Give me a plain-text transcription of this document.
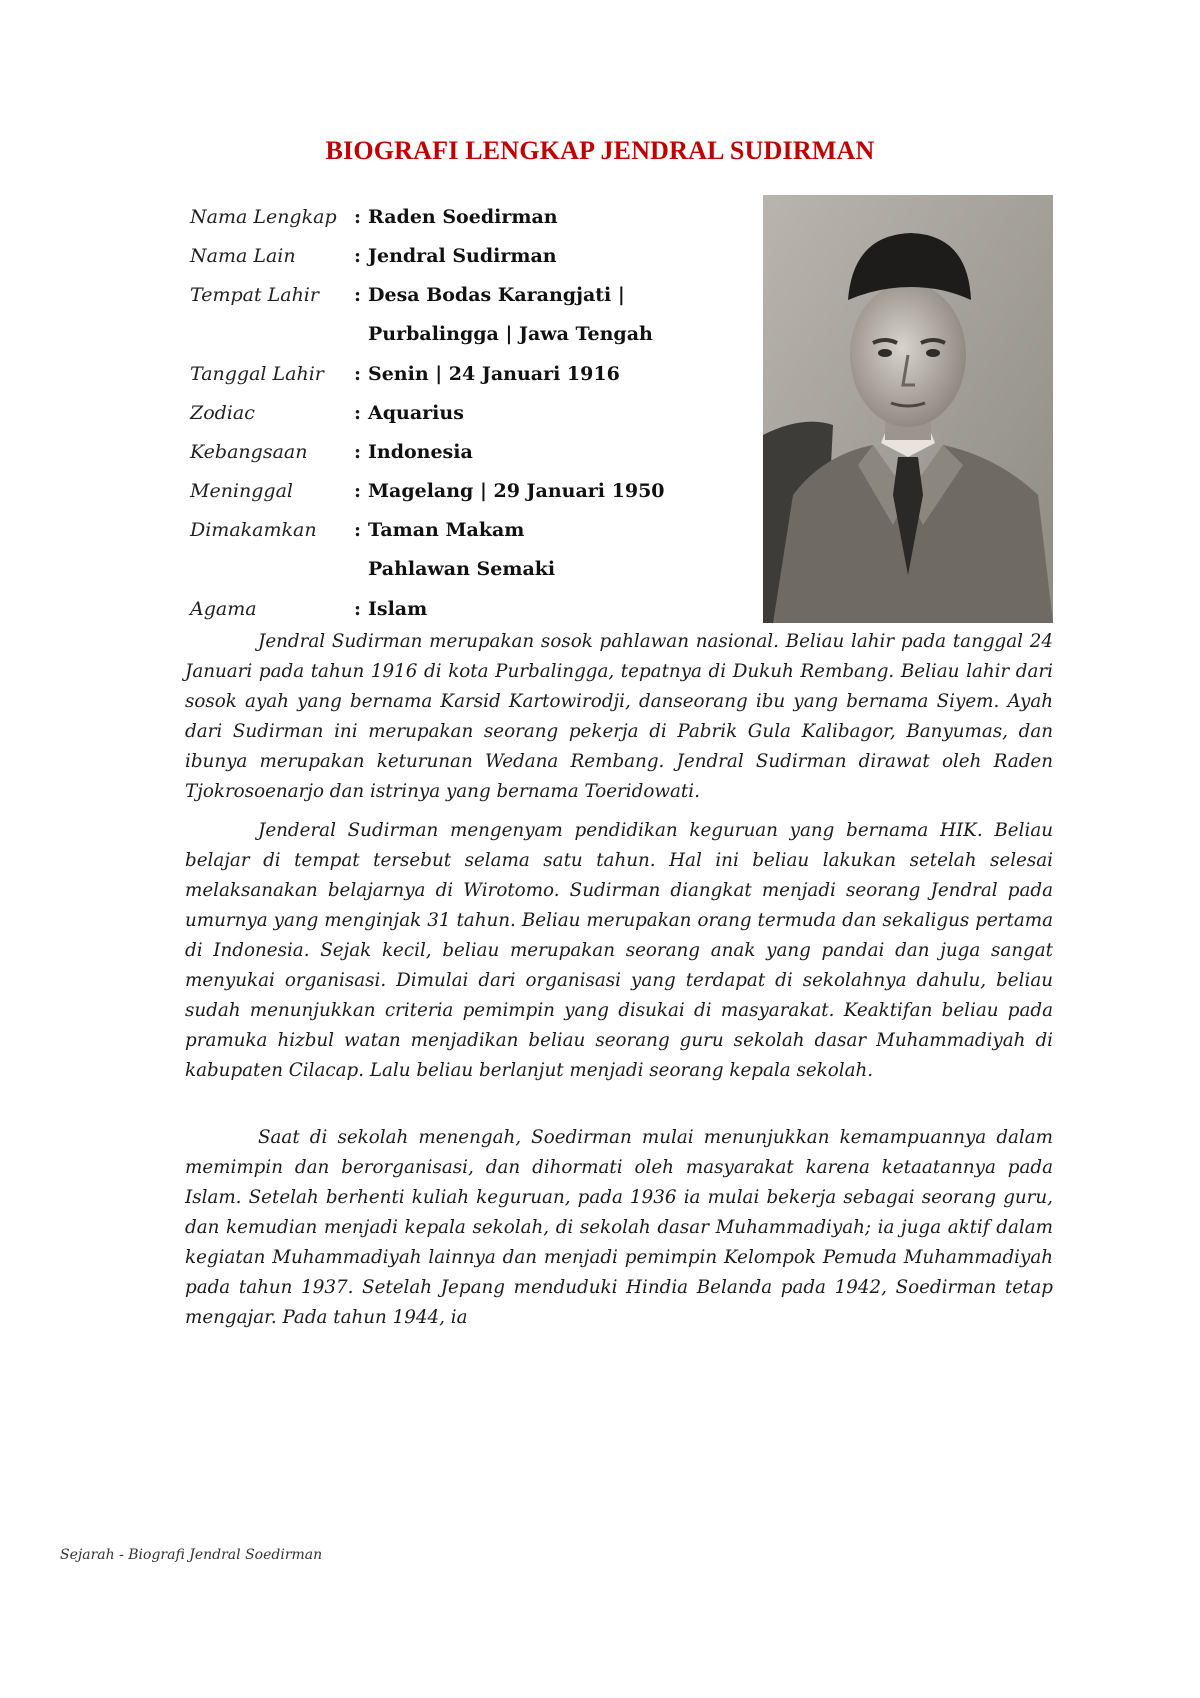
BIOGRAFI LENGKAP JENDRAL SUDIRMAN
Nama Lengkap : Raden Soedirman
Nama Lain	: Jendral Sudirman
Tempat Lahir	: Desa Bodas Karangjati |
Purbalingga | Jawa Tengah
Tanggal Lahir	: Senin | 24 Januari 1916
Zodiac	: Aquarius
Kebangsaan	: Indonesia
Meninggal	: Magelang | 29 Januari 1950
Dimakamkan	: Taman Makam
Pahlawan Semaki
Agama	: Islam

Jendral Sudirman merupakan sosok pahlawan nasional. Beliau lahir pada tanggal 24 Januari pada tahun 1916 di kota Purbalingga, tepatnya di Dukuh Rembang. Beliau lahir dari sosok ayah yang bernama Karsid Kartowirodji, danseorang ibu yang bernama Siyem. Ayah dari Sudirman ini merupakan seorang pekerja di Pabrik Gula Kalibagor, Banyumas, dan ibunya merupakan keturunan Wedana Rembang. Jendral Sudirman dirawat oleh Raden Tjokrosoenarjo dan istrinya yang bernama Toeridowati.

Jenderal Sudirman mengenyam pendidikan keguruan yang bernama HIK. Beliau belajar di tempat tersebut selama satu tahun. Hal ini beliau lakukan setelah selesai melaksanakan belajarnya di Wirotomo. Sudirman diangkat menjadi seorang Jendral pada umurnya yang menginjak 31 tahun. Beliau merupakan orang termuda dan sekaligus pertama di Indonesia. Sejak kecil, beliau merupakan seorang anak yang pandai dan juga sangat menyukai organisasi. Dimulai dari organisasi yang terdapat di sekolahnya dahulu, beliau sudah menunjukkan criteria pemimpin yang disukai di masyarakat. Keaktifan beliau pada pramuka hizbul watan menjadikan beliau seorang guru sekolah dasar Muhammadiyah di kabupaten Cilacap. Lalu beliau berlanjut menjadi seorang kepala sekolah.

Saat di sekolah menengah, Soedirman mulai menunjukkan kemampuannya dalam memimpin dan berorganisasi, dan dihormati oleh masyarakat karena ketaatannya pada Islam. Setelah berhenti kuliah keguruan, pada 1936 ia mulai bekerja sebagai seorang guru, dan kemudian menjadi kepala sekolah, di sekolah dasar Muhammadiyah; ia juga aktif dalam kegiatan Muhammadiyah lainnya dan menjadi pemimpin Kelompok Pemuda Muhammadiyah pada tahun 1937. Setelah Jepang menduduki Hindia Belanda pada 1942, Soedirman tetap mengajar. Pada tahun 1944, ia

Sejarah - Biografi Jendral Soedirman
